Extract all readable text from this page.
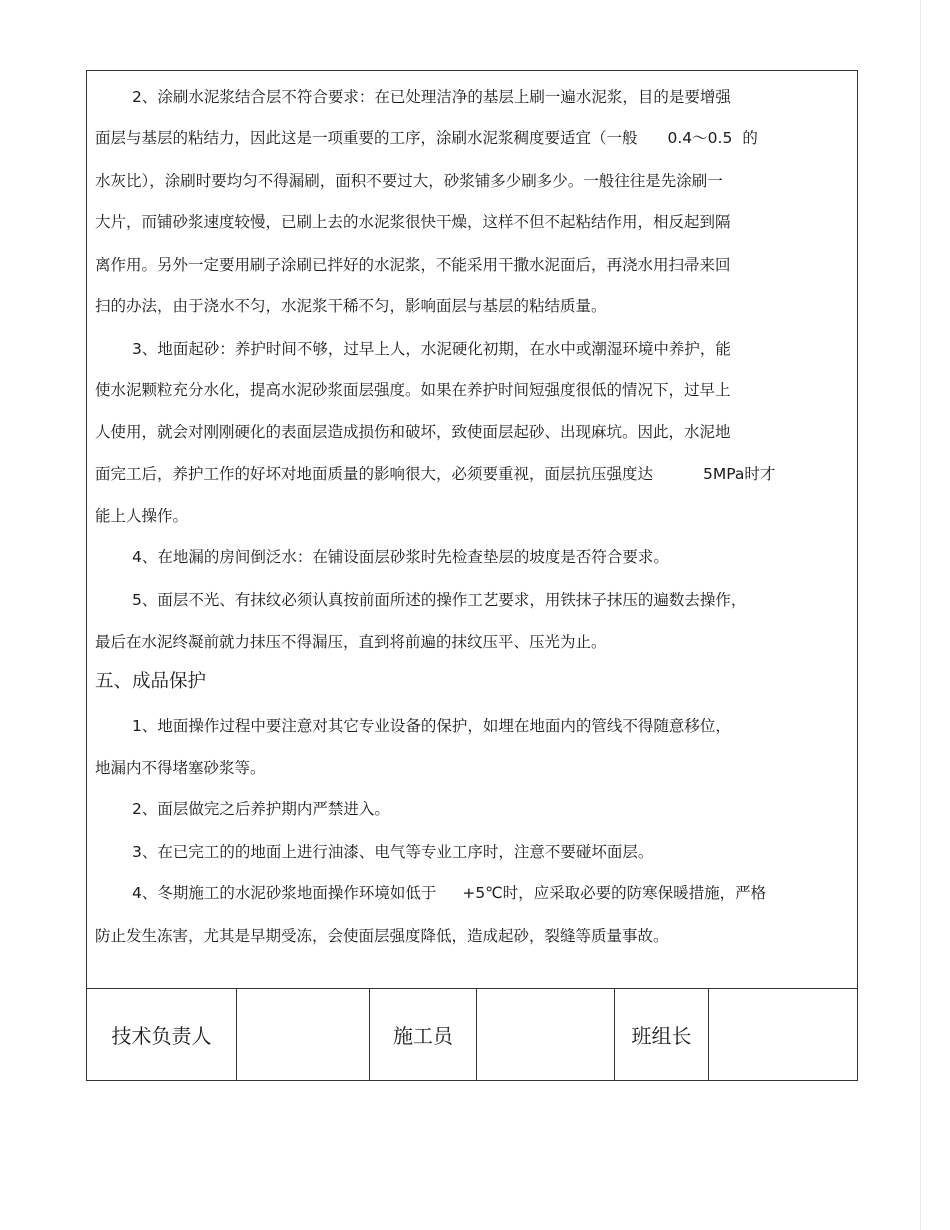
2、涂刷水泥浆结合层不符合要求：在已处理洁净的基层上刷一遍水泥浆，目的是要增强
面层与基层的粘结力，因此这是一项重要的工序，涂刷水泥浆稠度要适宜（一般 0.4～0.5 的
水灰比），涂刷时要均匀不得漏刷，面积不要过大，砂浆铺多少刷多少。一般往往是先涂刷一
大片，而铺砂浆速度较慢，已刷上去的水泥浆很快干燥，这样不但不起粘结作用，相反起到隔
离作用。另外一定要用刷子涂刷已拌好的水泥浆，不能采用干撒水泥面后，再浇水用扫帚来回
扫的办法，由于浇水不匀，水泥浆干稀不匀，影响面层与基层的粘结质量。
3、地面起砂：养护时间不够，过早上人，水泥硬化初期，在水中或潮湿环境中养护，能
使水泥颗粒充分水化，提高水泥砂浆面层强度。如果在养护时间短强度很低的情况下，过早上
人使用，就会对刚刚硬化的表面层造成损伤和破坏，致使面层起砂、出现麻坑。因此，水泥地
面完工后，养护工作的好坏对地面质量的影响很大，必须要重视，面层抗压强度达	5MPa时才
能上人操作。
4、在地漏的房间倒泛水：在铺设面层砂浆时先检查垫层的坡度是否符合要求。
5、面层不光、有抹纹必须认真按前面所述的操作工艺要求，用铁抹子抹压的遍数去操作，
最后在水泥终凝前就力抹压不得漏压，直到将前遍的抹纹压平、压光为止。
五、成品保护
1、地面操作过程中要注意对其它专业设备的保护，如埋在地面内的管线不得随意移位，
地漏内不得堵塞砂浆等。
2、面层做完之后养护期内严禁进入。
3、在已完工的的地面上进行油漆、电气等专业工序时，注意不要碰坏面层。
4、冬期施工的水泥砂浆地面操作环境如低于 +5℃时，应采取必要的防寒保暖措施，严格
防止发生冻害，尤其是早期受冻，会使面层强度降低，造成起砂，裂缝等质量事故。
技术负责人	施工员	班组长
